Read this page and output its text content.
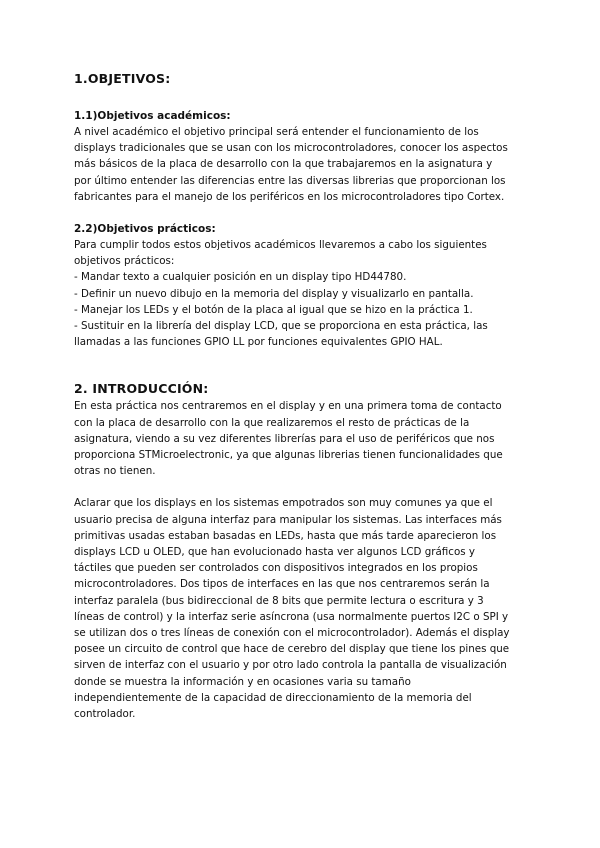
1.OBJETIVOS:
1.1)Objetivos académicos:

A nivel académico el objetivo principal será entender el funcionamiento de los
displays tradicionales que se usan con los microcontroladores, conocer los aspectos
más básicos de la placa de desarrollo con la que trabajaremos en la asignatura y
por último entender las diferencias entre las diversas librerias que proporcionan los
fabricantes para el manejo de los periféricos en los microcontroladores tipo Cortex.

2.2)Objetivos prácticos:

Para cumplir todos estos objetivos académicos llevaremos a cabo los siguientes
objetivos prácticos:
- Mandar texto a cualquier posición en un display tipo HD44780.
- Definir un nuevo dibujo en la memoria del display y visualizarlo en pantalla.
- Manejar los LEDs y el botón de la placa al igual que se hizo en la práctica 1.
- Sustituir en la librería del display LCD, que se proporciona en esta práctica, las
llamadas a las funciones GPIO LL por funciones equivalentes GPIO HAL.

2. INTRODUCCIÓN:

En esta práctica nos centraremos en el display y en una primera toma de contacto
con la placa de desarrollo con la que realizaremos el resto de prácticas de la
asignatura, viendo a su vez diferentes librerías para el uso de periféricos que nos
proporciona STMicroelectronic, ya que algunas librerias tienen funcionalidades que
otras no tienen.

Aclarar que los displays en los sistemas empotrados son muy comunes ya que el
usuario precisa de alguna interfaz para manipular los sistemas. Las interfaces más
primitivas usadas estaban basadas en LEDs, hasta que más tarde aparecieron los
displays LCD u OLED, que han evolucionado hasta ver algunos LCD gráficos y
táctiles que pueden ser controlados con dispositivos integrados en los propios
microcontroladores. Dos tipos de interfaces en las que nos centraremos serán la
interfaz paralela (bus bidireccional de 8 bits que permite lectura o escritura y 3
líneas de control) y la interfaz serie asíncrona (usa normalmente puertos I2C o SPI y
se utilizan dos o tres líneas de conexión con el microcontrolador). Además el display
posee un circuito de control que hace de cerebro del display que tiene los pines que
sirven de interfaz con el usuario y por otro lado controla la pantalla de visualización
donde se muestra la información y en ocasiones varia su tamaño
independientemente de la capacidad de direccionamiento de la memoria del
controlador.
